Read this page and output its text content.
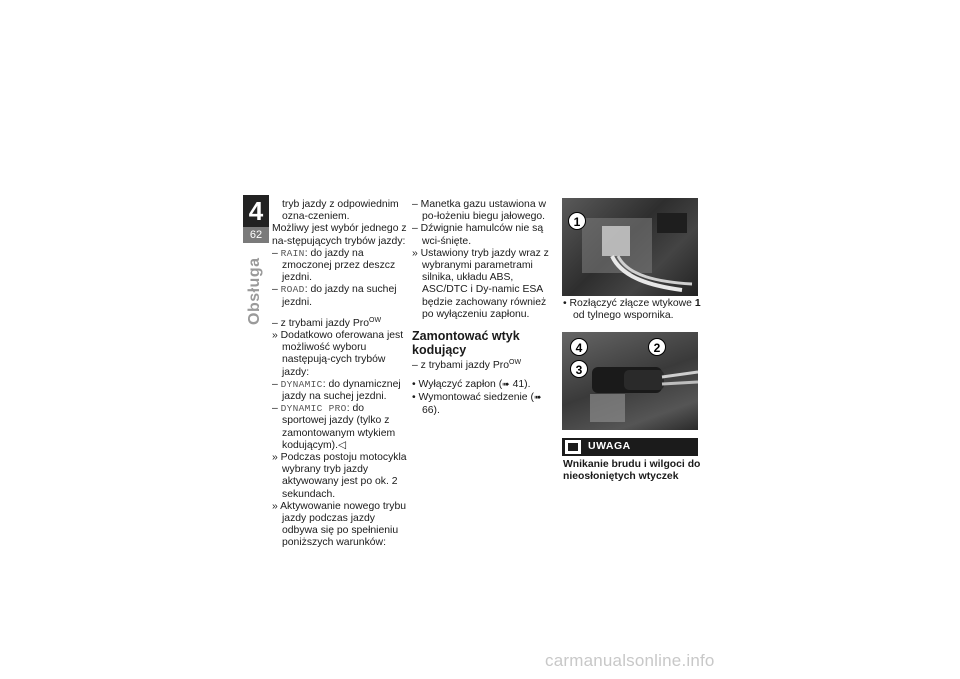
4
62
Obsługa
tryb jazdy z odpowiednim ozna-czeniem.
Możliwy jest wybór jednego z na-stępujących trybów jazdy:
– RAIN: do jazdy na zmoczonej przez deszcz jezdni.
– ROAD: do jazdy na suchej jezdni.
– z trybami jazdy Pro$^{OW}$
» Dodatkowo oferowana jest możliwość wyboru następują-cych trybów jazdy:
– DYNAMIC: do dynamicznej jazdy na suchej jezdni.
– DYNAMIC PRO: do sportowej jazdy (tylko z zamontowanym wtykiem kodującym).◁
» Podczas postoju motocykla wybrany tryb jazdy aktywowany jest po ok. 2 sekundach.
» Aktywowanie nowego trybu jazdy podczas jazdy odbywa się po spełnieniu poniższych warunków:
– Manetka gazu ustawiona w po-łożeniu biegu jałowego.
– Dźwignie hamulców nie są wci-śnięte.
» Ustawiony tryb jazdy wraz z wybranymi parametrami silnika, układu ABS, ASC/DTC i Dy-namic ESA będzie zachowany również po wyłączeniu zapłonu.
Zamontować wtyk kodujący
– z trybami jazdy Pro$^{OW}$
• Wyłączyć zapłon (➠ 41).
• Wymontować siedzenie (➠ 66).
1
• Rozłączyć złącze wtykowe 1 od tylnego wspornika.
4	2
3
UWAGA
Wnikanie brudu i wilgoci do nieosłoniętych wtyczek
carmanualsonline.info
